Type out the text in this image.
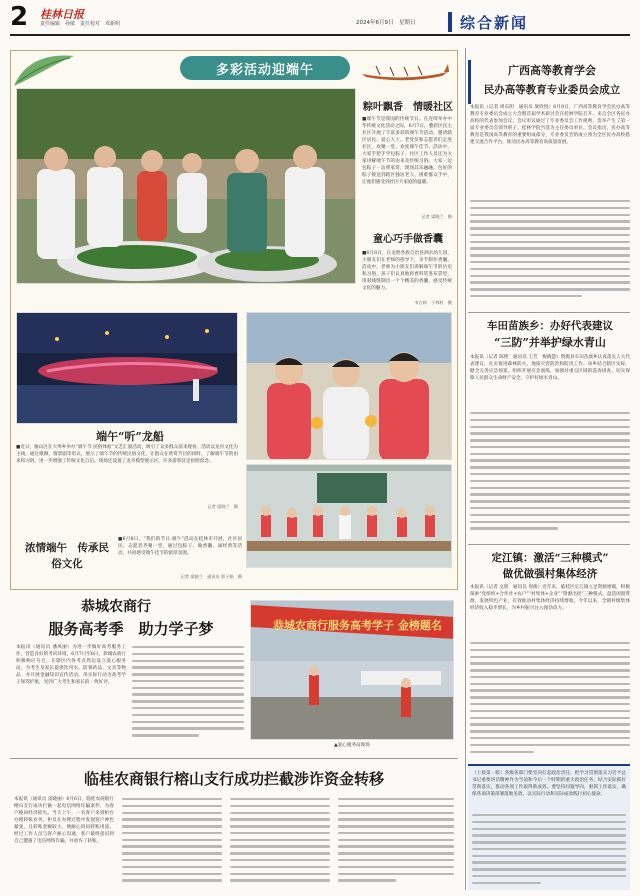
2 桂林日报
责任编辑　孙敏　责任校对　邓新明	2024年6月9日　星期日	综合新闻
多彩活动迎端午
粽叶飘香　情暖社区
■端午节是我国的传统节日。在连续举办中华传统文化活动之际，6月7日，叠彩区民主社区开展了丰富多彩的端午节活动，邀请辖区居民、爱心人士、老党员和志愿者们走进社区，欢聚一堂，欢度端午佳节。活动中，大家手把手学包粽子，社区工作人员还为大家讲解端午节的由来及传统习俗。大家一边包粽子一边唠家常，现场其乐融融。包好的粽子被送到辖区独居老人、困难群众手中，让他们感受到社区大家庭的温暖。
记者 梁晓兰　摄
童心巧手做香囊
■6月8日，在龙胜各族自治县泗水幼儿园，小朋友们在老师的指导下，亲手制作香囊。活动中，老师为小朋友们讲解端午节的历史和习俗，孩子们认真地将香料装进布袋里，用彩线缝制出一个个精美的香囊，感受传统文化的魅力。
韦吉帅　于林杉　摄
端午“听”龙船
■近日，雁山区在大埠乡举办“端午节·民俗体验”文艺汇演活动，吸引了众多群众前来观看。活动以龙舟文化为主线，通过歌舞、情景剧等形式，展示了端午节的传统民俗文化，让群众在欣赏节目的同时，了解端午节的由来和习俗，进一步增强了传统文化自信。现场还设置了龙舟模型展示区，许多游客驻足拍照留念。
记者 梁晓兰　摄
浓情端午　传承民俗文化
■6月8日，“我们的节日·端午”活动在桂林市开展，社区居民、志愿者齐聚一堂，通过包粽子、做香囊、诵经典等活动，共同感受端午佳节的浓厚氛围。
记者 梁晓兰　通讯员 郭子娟　摄
恭城农商行
服务高考季　助力学子梦
本报讯（通讯员 潘凤丽）为进一步做好高考服务工作，营造良好的考试环境，6月7日至8日，恭城农商行积极响应号召，在辖区内各考点周边设立爱心服务站，为考生及家长提供饮用水、防暑药品、文具等物品，并开展金融知识宣传活动，用实际行动为高考学子保驾护航，受到广大考生和家长的一致好评。
恭城农商行服务高考学子 金榜题名
▲爱心服务站现场
临桂农商银行榕山支行成功拦截涉诈资金转移
本报讯（通讯员 雷晓丽）6月6日，临桂农商银行榕山支行成功拦截一起电信网络诈骗案件，为客户挽回经济损失。当天上午，一名客户来到柜台办理转账业务，柜员在办理过程中发现客户神色紧张，且转账金额较大，便耐心询问转账用途。经过工作人员与客户耐心沟通，客户最终意识到自己遭遇了电信网络诈骗，并放弃了转账。
广西高等教育学会
民办高等教育专业委员会成立
本报讯（记者 周东明　通讯员 梁欣悦）6月8日，广西高等教育学会民办高等教育专业委员会成立大会暨首届学术研讨会在桂林学院召开。来自全区各民办高校的代表参加会议。会议审议通过了专业委员会工作规则，选举产生了第一届专业委员会领导班子。桂林学院当选为主任委员单位。会议指出，民办高等教育是我国高等教育的重要组成部分，专业委员会的成立将为全区民办高校搭建交流合作平台，推动民办高等教育高质量发展。
车田苗族乡：办好代表建议
“三防”并举护绿水青山
本报讯（记者 陈艳　通讯员 王芳　梅晓慧）资源县车田苗族乡认真落实人大代表建议，扎实推进森林防火、地质灾害防治和防汛工作。该乡结合辖区实际，健全完善应急预案，组织开展应急演练，加强对重点区域的巡查排查，切实保障人民群众生命财产安全，守护好绿水青山。
定江镇：激活“三种模式”
做优做强村集体经济
本报讯（记者 文昭　通讯员 周俊）近年来，临桂区定江镇立足资源禀赋，积极探索“党组织+合作社+农户”“村集体+企业”“资源出租”三种模式，盘活闲置资源，发展特色产业，有效推动村集体经济持续增收。今年以来，全镇村级集体经济收入稳步增长，为乡村振兴注入强劲动力。
（上接第一版）各级各部门要坚决扛起政治责任，把学习贯彻落实习近平总书记重要讲话精神作为当前和今后一个时期的重大政治任务，结合实际抓好贯彻落实，推动各项工作取得新成效。要坚持问题导向，狠抓工作落实，确保各项决策部署落地见效，以实际行动和实际成效践行初心使命。
